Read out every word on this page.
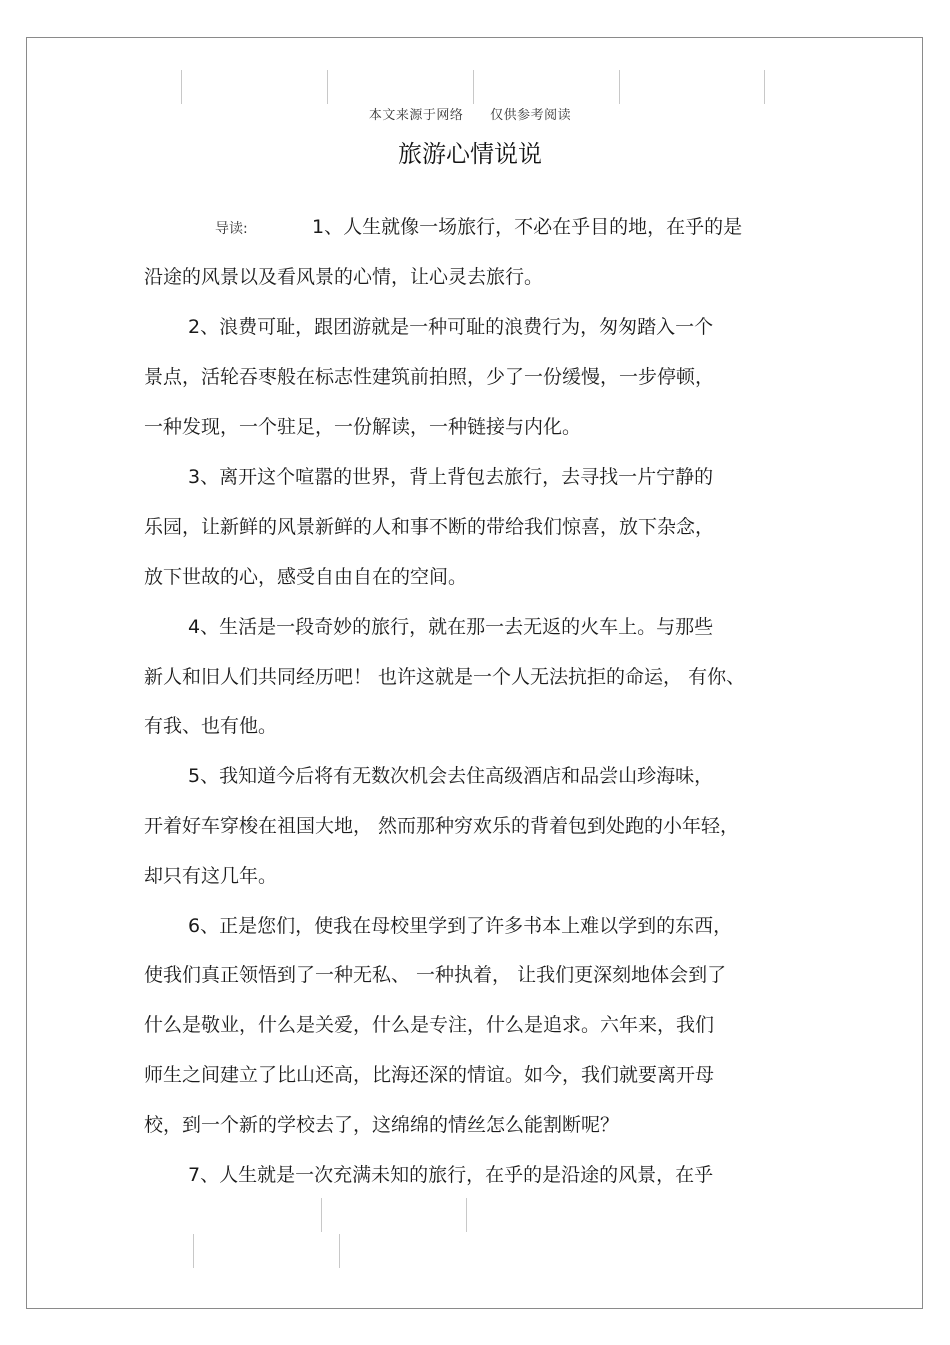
本文来源于网络 仅供参考阅读
旅游心情说说
导读:	1、人生就像一场旅行，不必在乎目的地，在乎的是
沿途的风景以及看风景的心情，让心灵去旅行。
2、浪费可耻，跟团游就是一种可耻的浪费行为，匆匆踏入一个
景点，活轮吞枣般在标志性建筑前拍照，少了一份缓慢，一步停顿，
一种发现，一个驻足，一份解读，一种链接与内化。
3、离开这个喧嚣的世界，背上背包去旅行，去寻找一片宁静的
乐园，让新鲜的风景新鲜的人和事不断的带给我们惊喜，放下杂念，
放下世故的心，感受自由自在的空间。
4、生活是一段奇妙的旅行，就在那一去无返的火车上。与那些
新人和旧人们共同经历吧！ 也许这就是一个人无法抗拒的命运， 有你、
有我、也有他。
5、我知道今后将有无数次机会去住高级酒店和品尝山珍海味，
开着好车穿梭在祖国大地， 然而那种穷欢乐的背着包到处跑的小年轻，
却只有这几年。
6、正是您们，使我在母校里学到了许多书本上难以学到的东西，
使我们真正领悟到了一种无私、 一种执着， 让我们更深刻地体会到了
什么是敬业，什么是关爱，什么是专注，什么是追求。六年来，我们
师生之间建立了比山还高，比海还深的情谊。如今，我们就要离开母
校，到一个新的学校去了，这绵绵的情丝怎么能割断呢？
7、人生就是一次充满未知的旅行，在乎的是沿途的风景，在乎
